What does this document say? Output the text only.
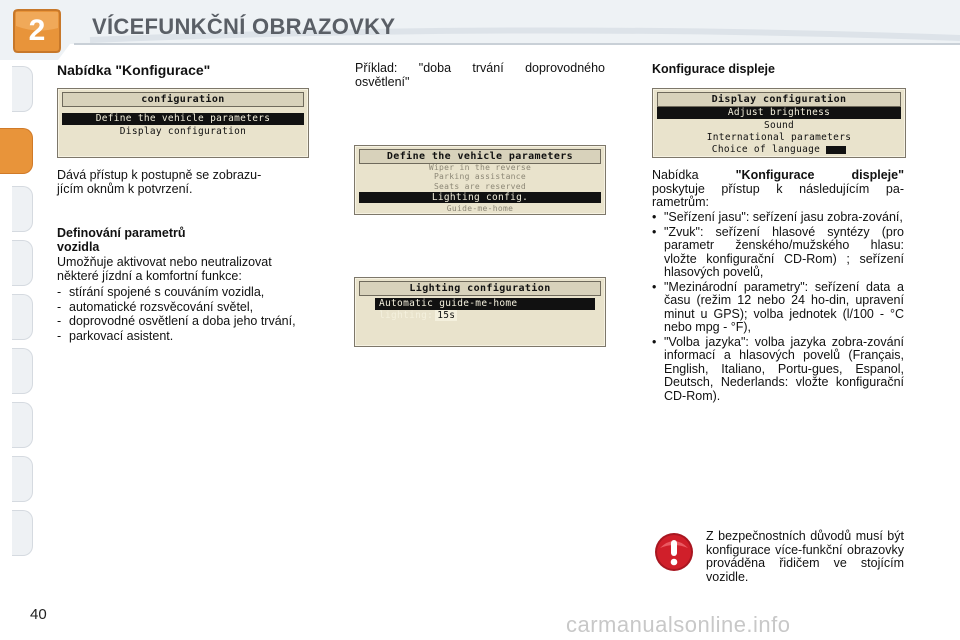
2	VÍCEFUNKČNÍ OBRAZOVKY
Nabídka "Konfigurace"
configuration
Define the vehicle parameters
Display configuration
Dává přístup k postupně se zobrazu-
jícím oknům k potvrzení.
Definování parametrů
vozidla
Umožňuje aktivovat nebo neutralizovat
některé jízdní a komfortní funkce:
- stírání spojené s couváním vozidla,
- automatické rozsvěcování světel,
- doprovodné osvětlení a doba jeho trvání,
- parkovací asistent.
Příklad: "doba trvání doprovodného
osvětlení"
Define the vehicle parameters
Wiper in the reverse
Parking assistance
Seats are reserved
Lighting config.
Guide-me-home
Lighting configuration
Automatic guide-me-home lighting: 15s
Konfigurace displeje
Display configuration
Adjust brightness
Sound
International parameters
Choice of language
Nabídka "Konfigurace displeje"
poskytuje přístup k následujícím pa-
rametrům:
• "Seřízení jasu": seřízení jasu zobra-zování,
• "Zvuk": seřízení hlasové syntézy (pro parametr ženského/mužského hlasu: vložte konfigurační CD-Rom) ; seřízení hlasových povelů,
• "Mezinárodní parametry": seřízení data a času (režim 12 nebo 24 ho-din, upravení minut u GPS); volba jednotek (l/100 - °C nebo mpg - °F),
• "Volba jazyka": volba jazyka zobra-zování informací a hlasových povelů (Français, English, Italiano, Portu-gues, Espanol, Deutsch, Nederlands: vložte konfigurační CD-Rom).
Z bezpečnostních důvodů musí být konfigurace více-funkční obrazovky prováděna řidičem ve stojícím vozidle.
40	carmanualsonline.info
